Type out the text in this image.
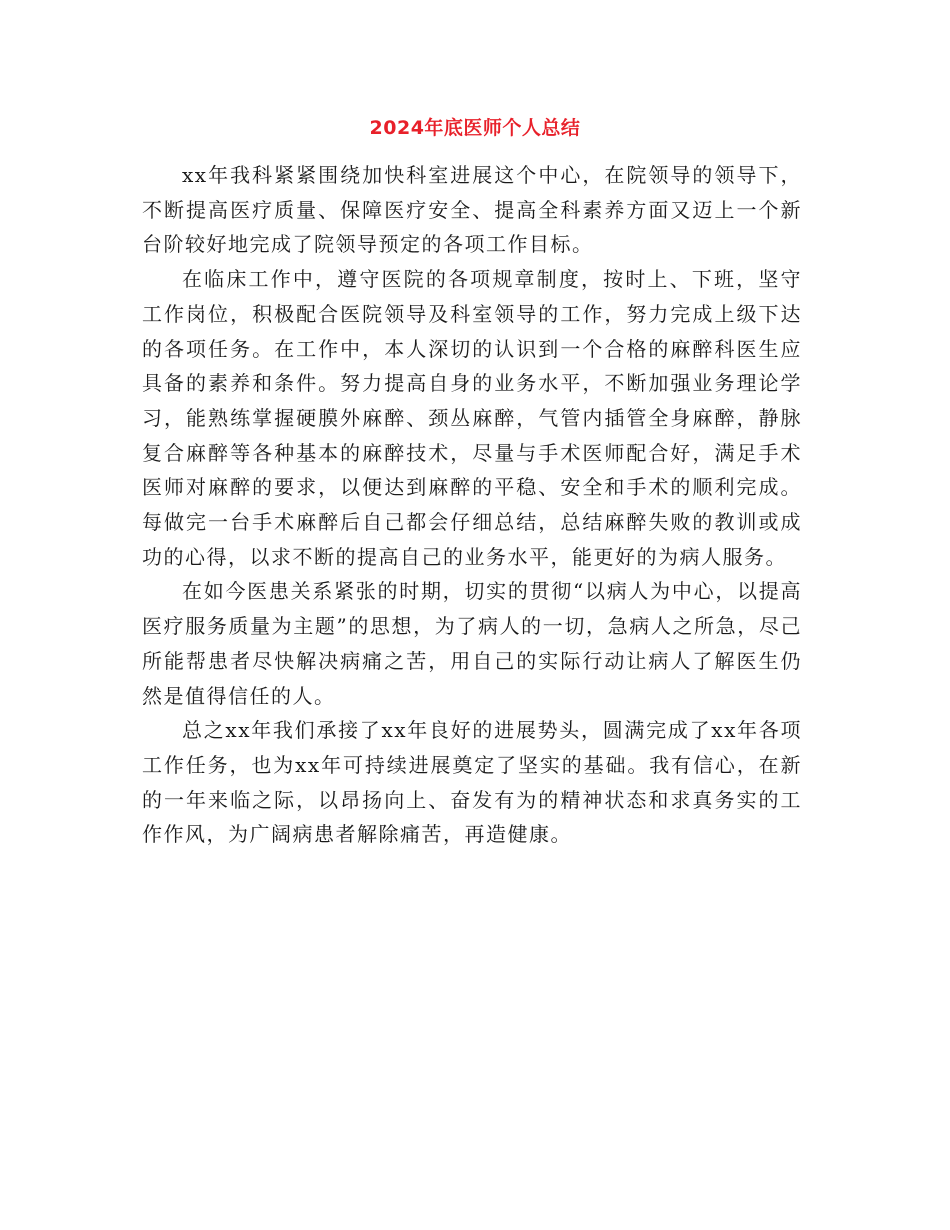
2024年底医师个人总结

xx年我科紧紧围绕加快科室进展这个中心，在院领导的领导下，不断提高医疗质量、保障医疗安全、提高全科素养方面又迈上一个新台阶较好地完成了院领导预定的各项工作目标。

在临床工作中，遵守医院的各项规章制度，按时上、下班，坚守工作岗位，积极配合医院领导及科室领导的工作，努力完成上级下达的各项任务。在工作中，本人深切的认识到一个合格的麻醉科医生应具备的素养和条件。努力提高自身的业务水平，不断加强业务理论学习，能熟练掌握硬膜外麻醉、颈丛麻醉，气管内插管全身麻醉，静脉复合麻醉等各种基本的麻醉技术，尽量与手术医师配合好，满足手术医师对麻醉的要求，以便达到麻醉的平稳、安全和手术的顺利完成。每做完一台手术麻醉后自己都会仔细总结，总结麻醉失败的教训或成功的心得，以求不断的提高自己的业务水平，能更好的为病人服务。

在如今医患关系紧张的时期，切实的贯彻“以病人为中心，以提高医疗服务质量为主题”的思想，为了病人的一切，急病人之所急，尽己所能帮患者尽快解决病痛之苦，用自己的实际行动让病人了解医生仍然是值得信任的人。

总之xx年我们承接了xx年良好的进展势头，圆满完成了xx年各项工作任务，也为xx年可持续进展奠定了坚实的基础。我有信心，在新的一年来临之际，以昂扬向上、奋发有为的精神状态和求真务实的工作作风，为广阔病患者解除痛苦，再造健康。
